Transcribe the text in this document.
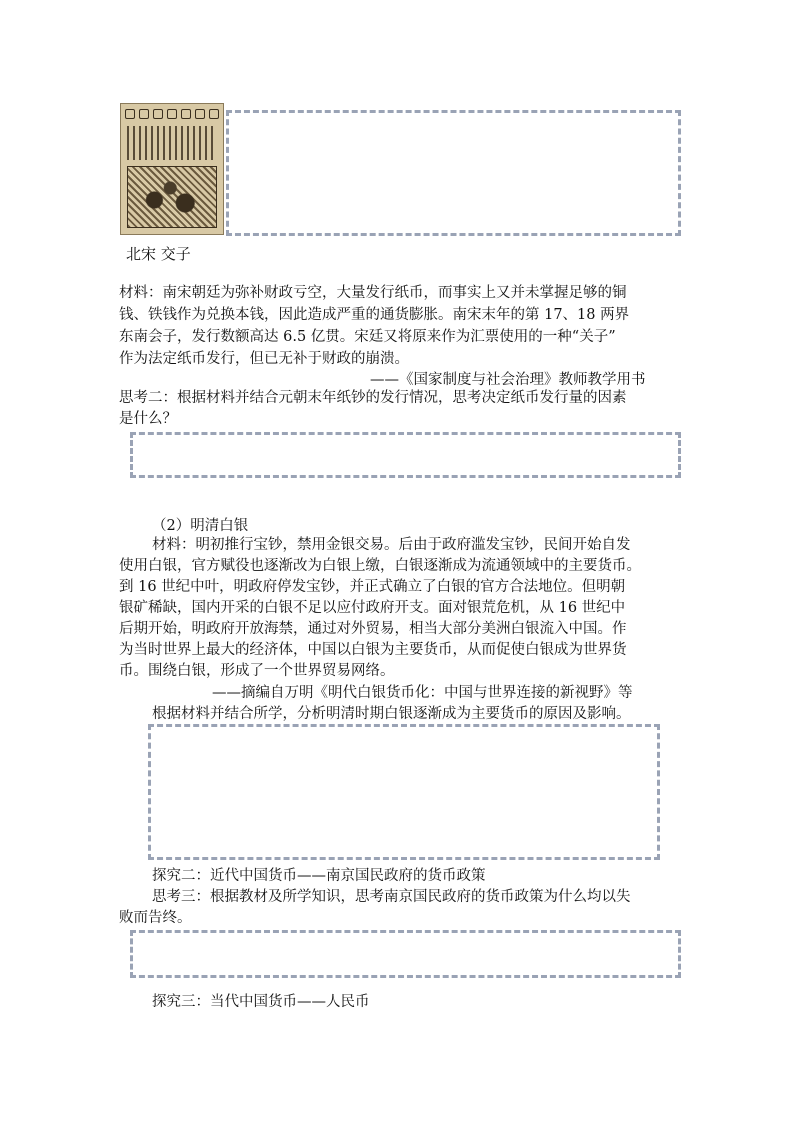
北宋 交子
材料：南宋朝廷为弥补财政亏空，大量发行纸币，而事实上又并未掌握足够的铜
钱、铁钱作为兑换本钱，因此造成严重的通货膨胀。南宋末年的第 17、18 两界
东南会子，发行数额高达 6.5 亿贯。宋廷又将原来作为汇票使用的一种“关子”
作为法定纸币发行，但已无补于财政的崩溃。
——《国家制度与社会治理》教师教学用书
思考二：根据材料并结合元朝末年纸钞的发行情况，思考决定纸币发行量的因素
是什么？
（2）明清白银
材料：明初推行宝钞，禁用金银交易。后由于政府滥发宝钞，民间开始自发
使用白银，官方赋役也逐渐改为白银上缴，白银逐渐成为流通领域中的主要货币。
到 16 世纪中叶，明政府停发宝钞，并正式确立了白银的官方合法地位。但明朝
银矿稀缺，国内开采的白银不足以应付政府开支。面对银荒危机，从 16 世纪中
后期开始，明政府开放海禁，通过对外贸易，相当大部分美洲白银流入中国。作
为当时世界上最大的经济体，中国以白银为主要货币，从而促使白银成为世界货
币。围绕白银，形成了一个世界贸易网络。
——摘编自万明《明代白银货币化：中国与世界连接的新视野》等
根据材料并结合所学，分析明清时期白银逐渐成为主要货币的原因及影响。
探究二：近代中国货币——南京国民政府的货币政策
思考三：根据教材及所学知识，思考南京国民政府的货币政策为什么均以失
败而告终。
探究三：当代中国货币——人民币
